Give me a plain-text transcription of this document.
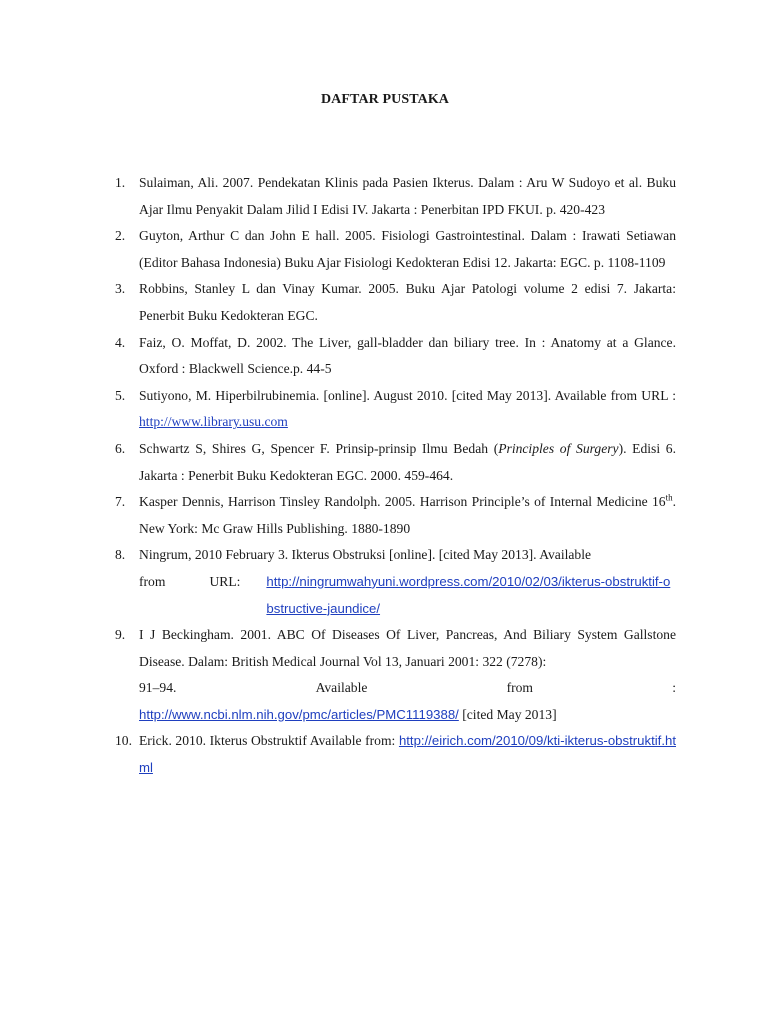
DAFTAR PUSTAKA
1. Sulaiman, Ali. 2007. Pendekatan Klinis pada Pasien Ikterus. Dalam : Aru W Sudoyo et al. Buku Ajar Ilmu Penyakit Dalam Jilid I Edisi IV. Jakarta : Penerbitan IPD FKUI. p. 420-423
2. Guyton, Arthur C dan John E hall. 2005. Fisiologi Gastrointestinal. Dalam : Irawati Setiawan (Editor Bahasa Indonesia) Buku Ajar Fisiologi Kedokteran Edisi 12. Jakarta: EGC. p. 1108-1109
3. Robbins, Stanley L dan Vinay Kumar. 2005. Buku Ajar Patologi volume 2 edisi 7. Jakarta: Penerbit Buku Kedokteran EGC.
4. Faiz, O. Moffat, D. 2002. The Liver, gall-bladder dan biliary tree. In : Anatomy at a Glance. Oxford : Blackwell Science.p. 44-5
5. Sutiyono, M. Hiperbilrubinemia. [online]. August 2010. [cited May 2013]. Available from URL : http://www.library.usu.com
6. Schwartz S, Shires G, Spencer F. Prinsip-prinsip Ilmu Bedah (Principles of Surgery). Edisi 6. Jakarta : Penerbit Buku Kedokteran EGC. 2000. 459-464.
7. Kasper Dennis, Harrison Tinsley Randolph. 2005. Harrison Principle’s of Internal Medicine 16th. New York: Mc Graw Hills Publishing. 1880-1890
8. Ningrum, 2010 February 3. Ikterus Obstruksi [online]. [cited May 2013]. Available
from	URL: http://ningrumwahyuni.wordpress.com/2010/02/03/ikterus-obstruktif-obstructive-jaundice/
9. I J Beckingham. 2001. ABC Of Diseases Of Liver, Pancreas, And Biliary System Gallstone Disease. Dalam: British Medical Journal Vol 13, Januari 2001: 322 (7278):
91–94.	Available	from	:
http://www.ncbi.nlm.nih.gov/pmc/articles/PMC1119388/ [cited May 2013]
10. Erick. 2010. Ikterus Obstruktif Available from: http://eirich.com/2010/09/kti-ikterus-obstruktif.html
